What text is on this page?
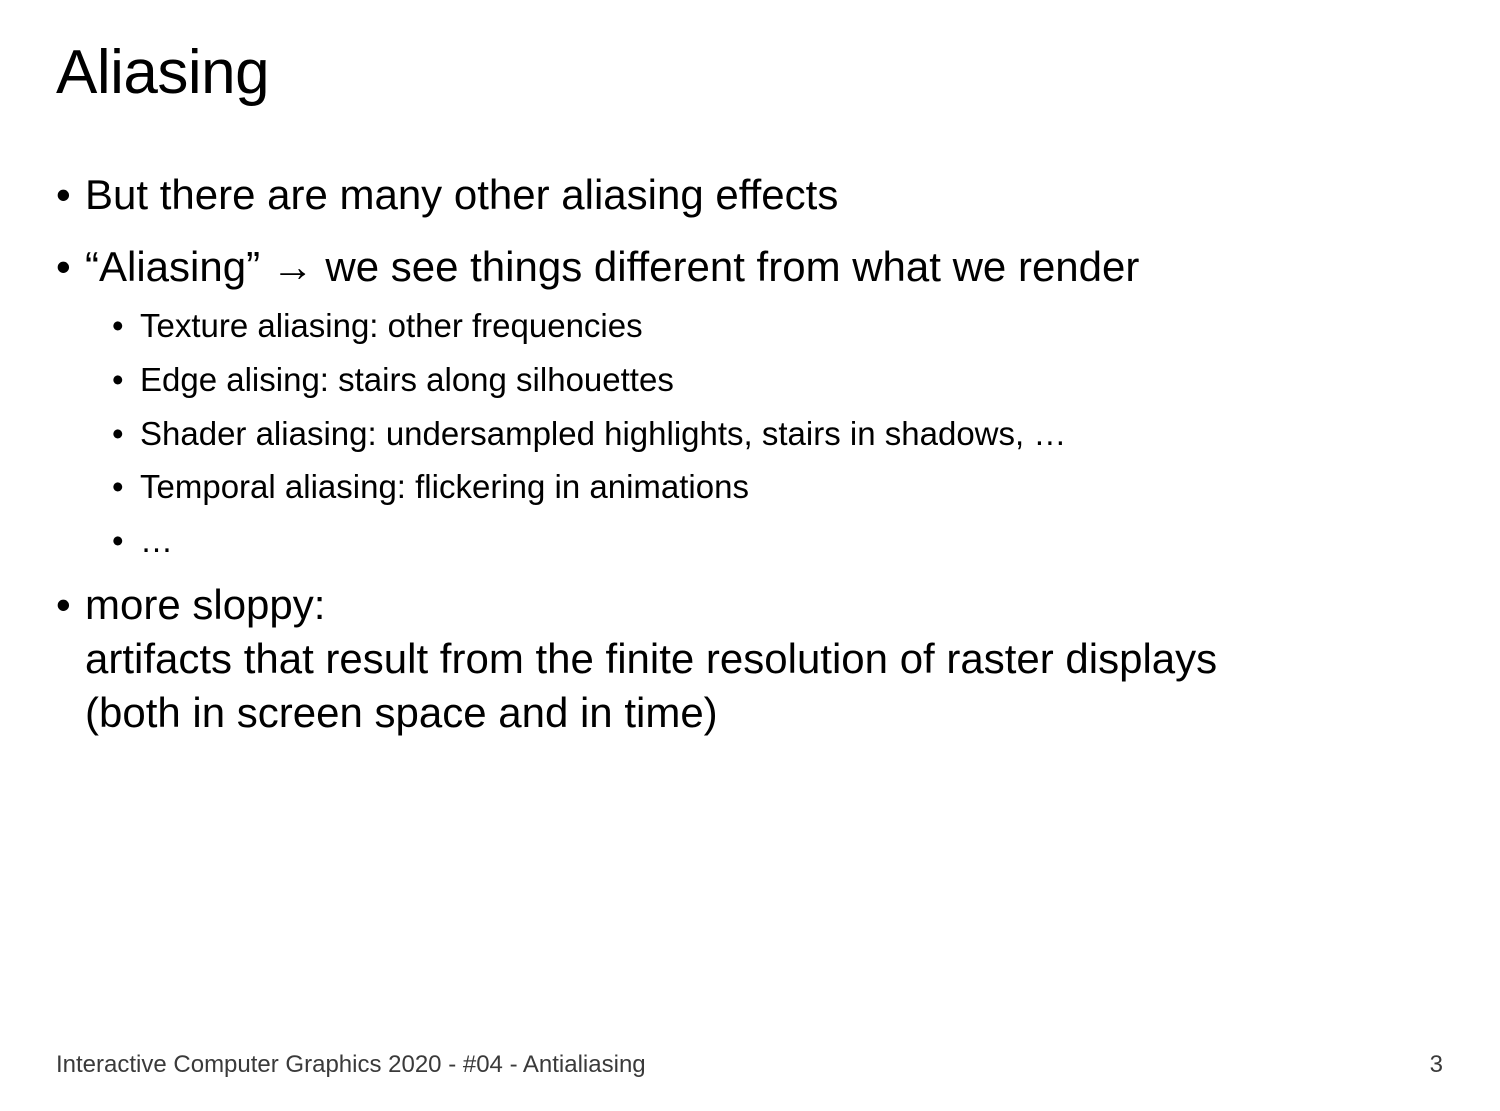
Aliasing
• But there are many other aliasing effects
• “Aliasing” → we see things different from what we render
• Texture aliasing: other frequencies
• Edge alising: stairs along silhouettes
• Shader aliasing: undersampled highlights, stairs in shadows, …
• Temporal aliasing: flickering in animations
• …
• more sloppy:
artifacts that result from the finite resolution of raster displays
(both in screen space and in time)
Interactive Computer Graphics 2020 - #04 - Antialiasing	3
